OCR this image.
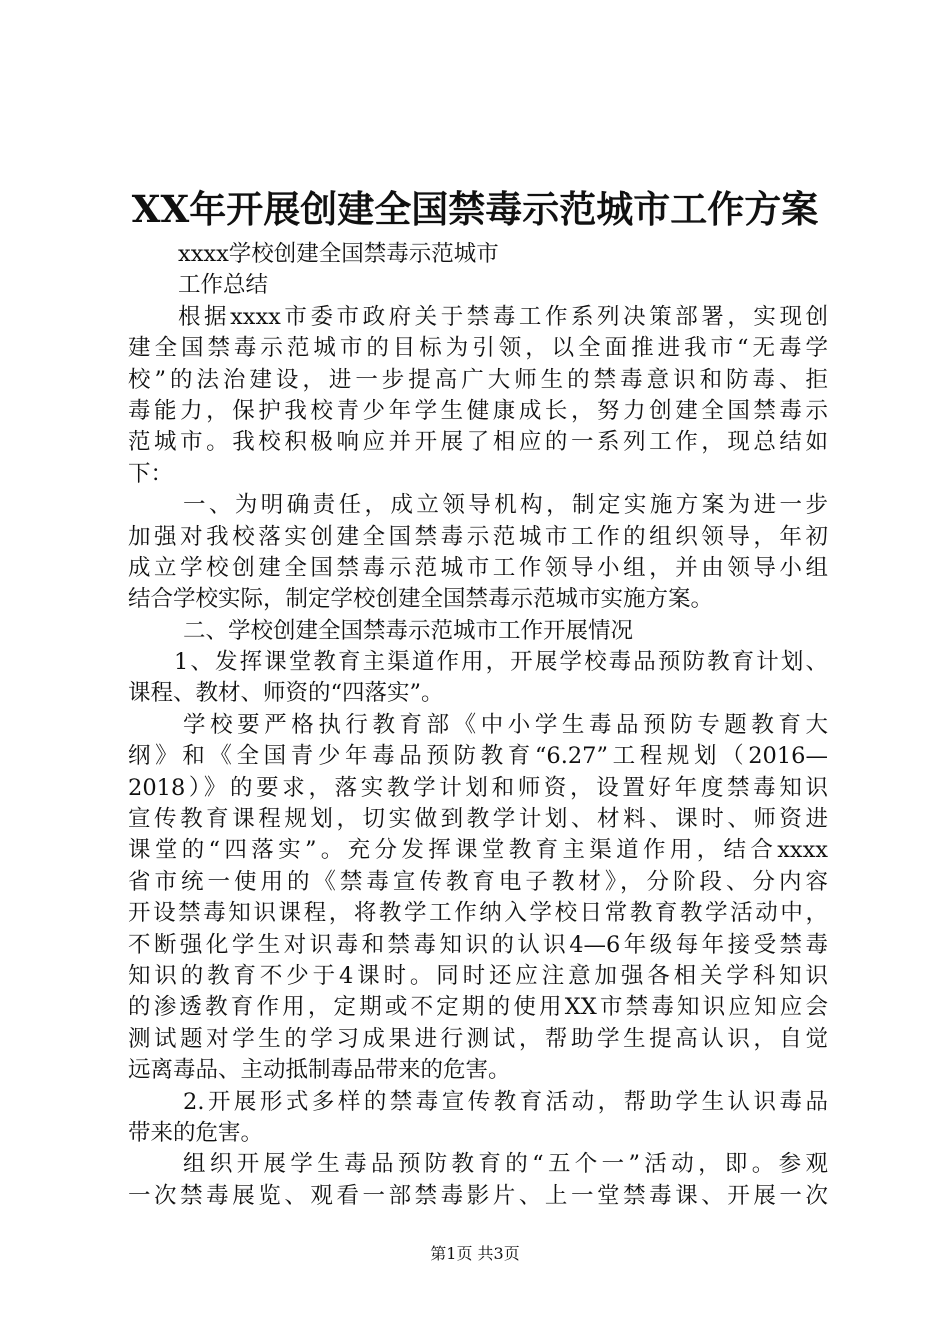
XX年开展创建全国禁毒示范城市工作方案
xxxx学校创建全国禁毒示范城市
工作总结
根据xxxx市委市政府关于禁毒工作系列决策部署，实现创
建全国禁毒示范城市的目标为引领，以全面推进我市“无毒学
校”的法治建设，进一步提高广大师生的禁毒意识和防毒、拒
毒能力，保护我校青少年学生健康成长，努力创建全国禁毒示
范城市。我校积极响应并开展了相应的一系列工作，现总结如
下：
一、为明确责任，成立领导机构，制定实施方案为进一步
加强对我校落实创建全国禁毒示范城市工作的组织领导，年初
成立学校创建全国禁毒示范城市工作领导小组，并由领导小组
结合学校实际，制定学校创建全国禁毒示范城市实施方案。
二、学校创建全国禁毒示范城市工作开展情况
1、发挥课堂教育主渠道作用，开展学校毒品预防教育计划、
课程、教材、师资的“四落实”。
学校要严格执行教育部《中小学生毒品预防专题教育大
纲》和《全国青少年毒品预防教育“6.27”工程规划（2016—
2018）》的要求，落实教学计划和师资，设置好年度禁毒知识
宣传教育课程规划，切实做到教学计划、材料、课时、师资进
课堂的“四落实”。充分发挥课堂教育主渠道作用，结合xxxx
省市统一使用的《禁毒宣传教育电子教材》，分阶段、分内容
开设禁毒知识课程，将教学工作纳入学校日常教育教学活动中，
不断强化学生对识毒和禁毒知识的认识4—6年级每年接受禁毒
知识的教育不少于4课时。同时还应注意加强各相关学科知识
的渗透教育作用，定期或不定期的使用XX市禁毒知识应知应会
测试题对学生的学习成果进行测试，帮助学生提高认识，自觉
远离毒品、主动抵制毒品带来的危害。
2.开展形式多样的禁毒宣传教育活动，帮助学生认识毒品
带来的危害。
组织开展学生毒品预防教育的“五个一”活动，即。参观
一次禁毒展览、观看一部禁毒影片、上一堂禁毒课、开展一次
第1页 共3页
